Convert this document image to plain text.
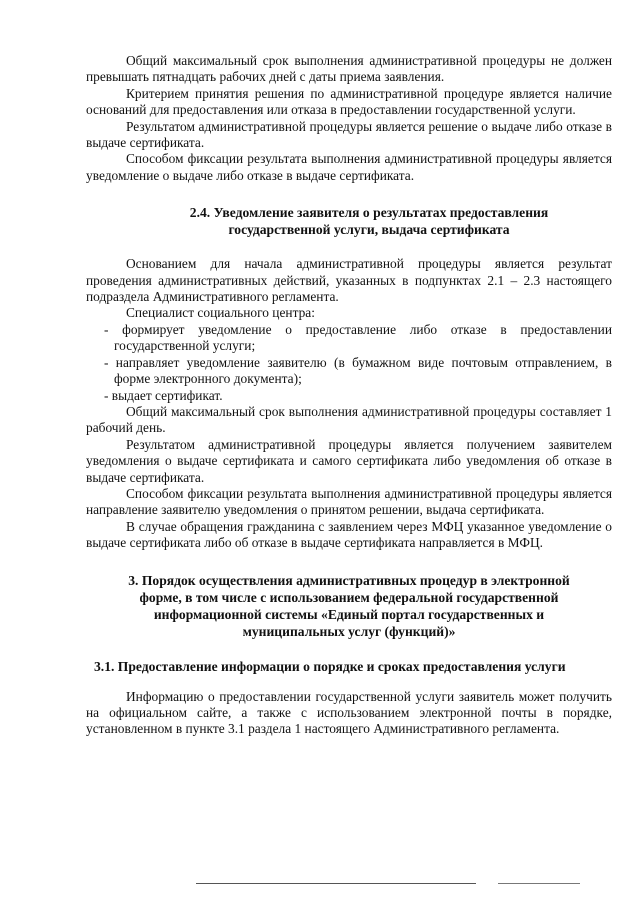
Общий максимальный срок выполнения административной процедуры не должен превышать пятнадцать рабочих дней с даты приема заявления.

Критерием принятия решения по административной процедуре является наличие оснований для предоставления или отказа в предоставлении государственной услуги.

Результатом административной процедуры является решение о выдаче либо отказе в выдаче сертификата.

Способом фиксации результата выполнения административной процедуры является уведомление о выдаче либо отказе в выдаче сертификата.

2.4. Уведомление заявителя о результатах предоставления

государственной услуги, выдача сертификата

Основанием для начала административной процедуры является результат проведения административных действий, указанных в подпунктах 2.1 – 2.3 настоящего подраздела Административного регламента.

Специалист социального центра:

- формирует уведомление о предоставление либо отказе в предоставлении государственной услуги;

- направляет уведомление заявителю (в бумажном виде почтовым отправлением, в форме электронного документа);

- выдает сертификат.

Общий максимальный срок выполнения административной процедуры составляет 1 рабочий день.

Результатом административной процедуры является получением заявителем уведомления о выдаче сертификата и самого сертификата либо уведомления об отказе в выдаче сертификата.

Способом фиксации результата выполнения административной процедуры является направление заявителю уведомления о принятом решении, выдача сертификата.

В случае обращения гражданина с заявлением через МФЦ указанное уведомление о выдаче сертификата либо об отказе в выдаче сертификата направляется в МФЦ.

3. Порядок осуществления административных процедур в электронной

форме, в том числе с использованием федеральной государственной

информационной системы «Единый портал государственных и

муниципальных услуг (функций)»

3.1. Предоставление информации о порядке и сроках предоставления услуги

Информацию о предоставлении государственной услуги заявитель может получить на официальном сайте, а также с использованием электронной почты в порядке, установленном в пункте 3.1 раздела 1 настоящего Административного регламента.
